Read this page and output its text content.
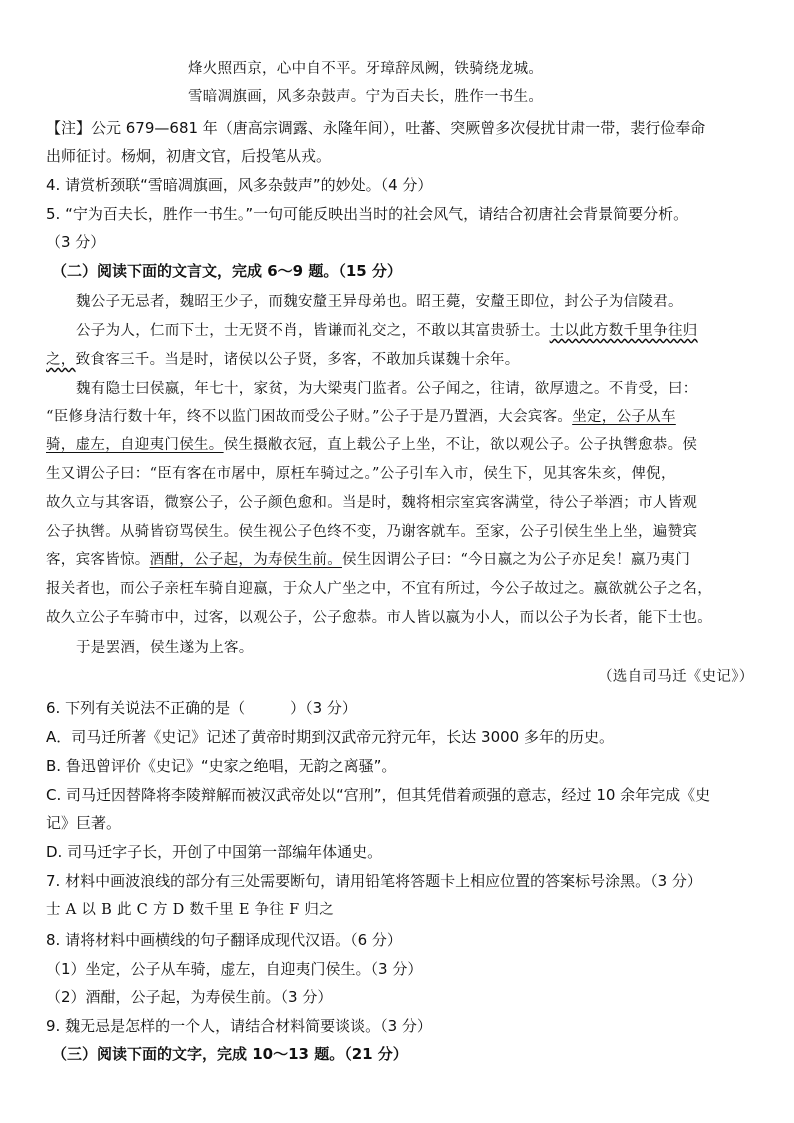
烽火照西京，心中自不平。牙璋辞凤阙，铁骑绕龙城。
雪暗凋旗画，风多杂鼓声。宁为百夫长，胜作一书生。
【注】公元 679—681 年（唐高宗调露、永隆年间），吐蕃、突厥曾多次侵扰甘肃一带，裴行俭奉命
出师征讨。杨炯，初唐文官，后投笔从戎。
4. 请赏析颈联“雪暗凋旗画，风多杂鼓声”的妙处。（4 分）
5. “宁为百夫长，胜作一书生。”一句可能反映出当时的社会风气，请结合初唐社会背景简要分析。
（3 分）
（二）阅读下面的文言文，完成 6～9 题。（15 分）
魏公子无忌者，魏昭王少子，而魏安釐王异母弟也。昭王薨，安釐王即位，封公子为信陵君。
公子为人，仁而下士，士无贤不肖，皆谦而礼交之，不敢以其富贵骄士。士以此方数千里争往归
之，致食客三千。当是时，诸侯以公子贤，多客，不敢加兵谋魏十余年。
魏有隐士曰侯嬴，年七十，家贫，为大梁夷门监者。公子闻之，往请，欲厚遗之。不肯受，曰：
“臣修身洁行数十年，终不以监门困故而受公子财。”公子于是乃置酒，大会宾客。坐定，公子从车
骑，虚左，自迎夷门侯生。侯生摄敝衣冠，直上载公子上坐，不让，欲以观公子。公子执辔愈恭。侯
生又谓公子曰：“臣有客在市屠中，原枉车骑过之。”公子引车入市，侯生下，见其客朱亥，俾倪，
故久立与其客语，微察公子，公子颜色愈和。当是时，魏将相宗室宾客满堂，待公子举酒；市人皆观
公子执辔。从骑皆窃骂侯生。侯生视公子色终不变，乃谢客就车。至家，公子引侯生坐上坐，遍赞宾
客，宾客皆惊。酒酣，公子起，为寿侯生前。侯生因谓公子曰：“今日嬴之为公子亦足矣！嬴乃夷门
报关者也，而公子亲枉车骑自迎嬴，于众人广坐之中，不宜有所过，今公子故过之。嬴欲就公子之名，
故久立公子车骑市中，过客，以观公子，公子愈恭。市人皆以嬴为小人，而以公子为长者，能下士也。
于是罢酒，侯生遂为上客。
（选自司马迁《史记》）
6. 下列有关说法不正确的是（　　　）（3 分）
A．司马迁所著《史记》记述了黄帝时期到汉武帝元狩元年，长达 3000 多年的历史。
B. 鲁迅曾评价《史记》“史家之绝唱，无韵之离骚”。
C. 司马迁因替降将李陵辩解而被汉武帝处以“宫刑”，但其凭借着顽强的意志，经过 10 余年完成《史
记》巨著。
D. 司马迁字子长，开创了中国第一部编年体通史。
7. 材料中画波浪线的部分有三处需要断句，请用铅笔将答题卡上相应位置的答案标号涂黑。（3 分）
士 A 以 B 此 C 方 D 数千里 E 争往 F 归之
8. 请将材料中画横线的句子翻译成现代汉语。（6 分）
（1）坐定，公子从车骑，虚左，自迎夷门侯生。（3 分）
（2）酒酣，公子起，为寿侯生前。（3 分）
9. 魏无忌是怎样的一个人，请结合材料简要谈谈。（3 分）
（三）阅读下面的文字，完成 10～13 题。（21 分）
